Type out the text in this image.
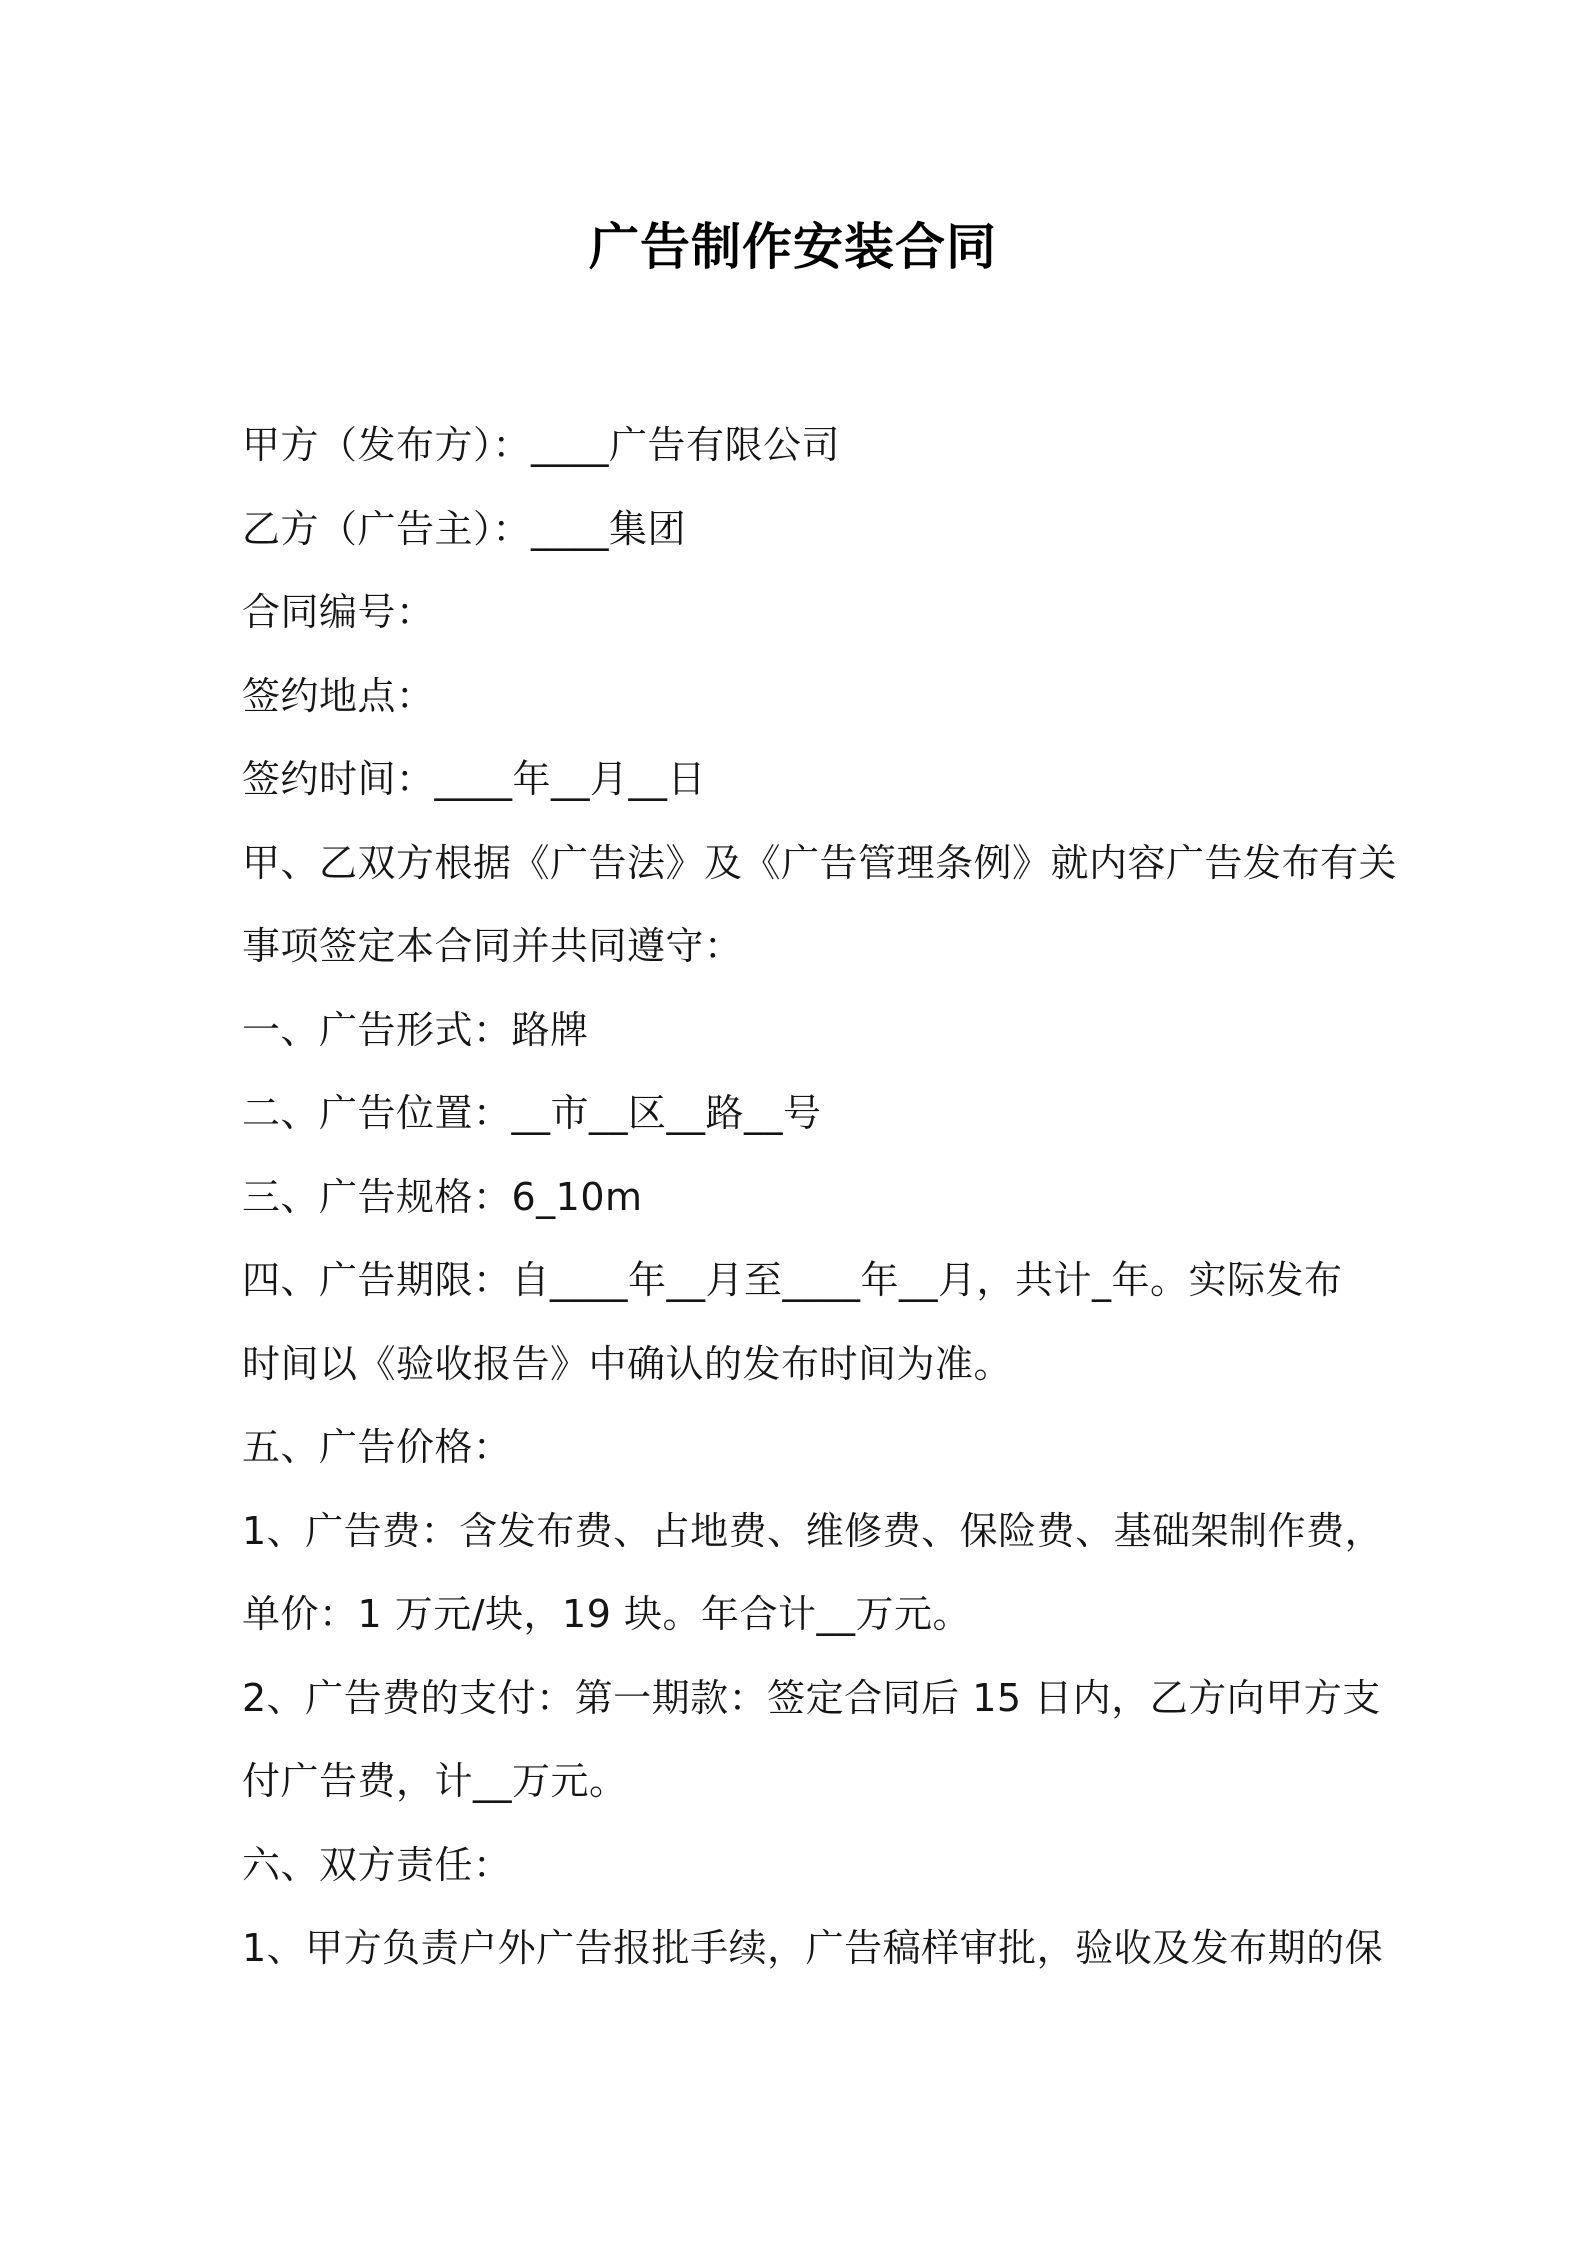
广告制作安装合同
甲方（发布方）：____广告有限公司
乙方（广告主）：____集团
合同编号：
签约地点：
签约时间：____年__月__日
甲、乙双方根据《广告法》及《广告管理条例》就内容广告发布有关
事项签定本合同并共同遵守：
一、广告形式：路牌
二、广告位置：__市__区__路__号
三、广告规格：6_10m
四、广告期限：自____年__月至____年__月，共计_年。实际发布
时间以《验收报告》中确认的发布时间为准。
五、广告价格：
1、广告费：含发布费、占地费、维修费、保险费、基础架制作费，
单价：1 万元/块，19 块。年合计__万元。
2、广告费的支付：第一期款：签定合同后 15 日内，乙方向甲方支
付广告费，计__万元。
六、双方责任：
1、甲方负责户外广告报批手续，广告稿样审批，验收及发布期的保
